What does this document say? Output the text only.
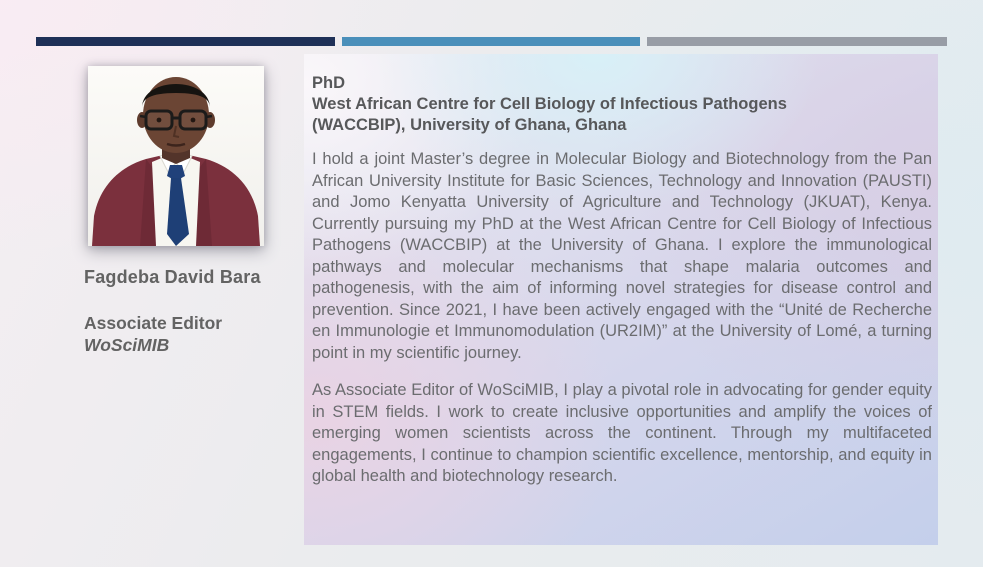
Fagdeba David Bara
Associate Editor
WoSciMIB
PhD
West African Centre for Cell Biology of Infectious Pathogens
(WACCBIP), University of Ghana, Ghana

I hold a joint Master’s degree in Molecular Biology and Biotechnology from the Pan African University Institute for Basic Sciences, Technology and Innovation (PAUSTI) and Jomo Kenyatta University of Agriculture and Technology (JKUAT), Kenya. Currently pursuing my PhD at the West African Centre for Cell Biology of Infectious Pathogens (WACCBIP) at the University of Ghana. I explore the immunological pathways and molecular mechanisms that shape malaria outcomes and pathogenesis, with the aim of informing novel strategies for disease control and prevention. Since 2021, I have been actively engaged with the “Unité de Recherche en Immunologie et Immunomodulation (UR2IM)” at the University of Lomé, a turning point in my scientific journey.

As Associate Editor of WoSciMIB, I play a pivotal role in advocating for gender equity in STEM fields. I work to create inclusive opportunities and amplify the voices of emerging women scientists across the continent. Through my multifaceted engagements, I continue to champion scientific excellence, mentorship, and equity in global health and biotechnology research.
